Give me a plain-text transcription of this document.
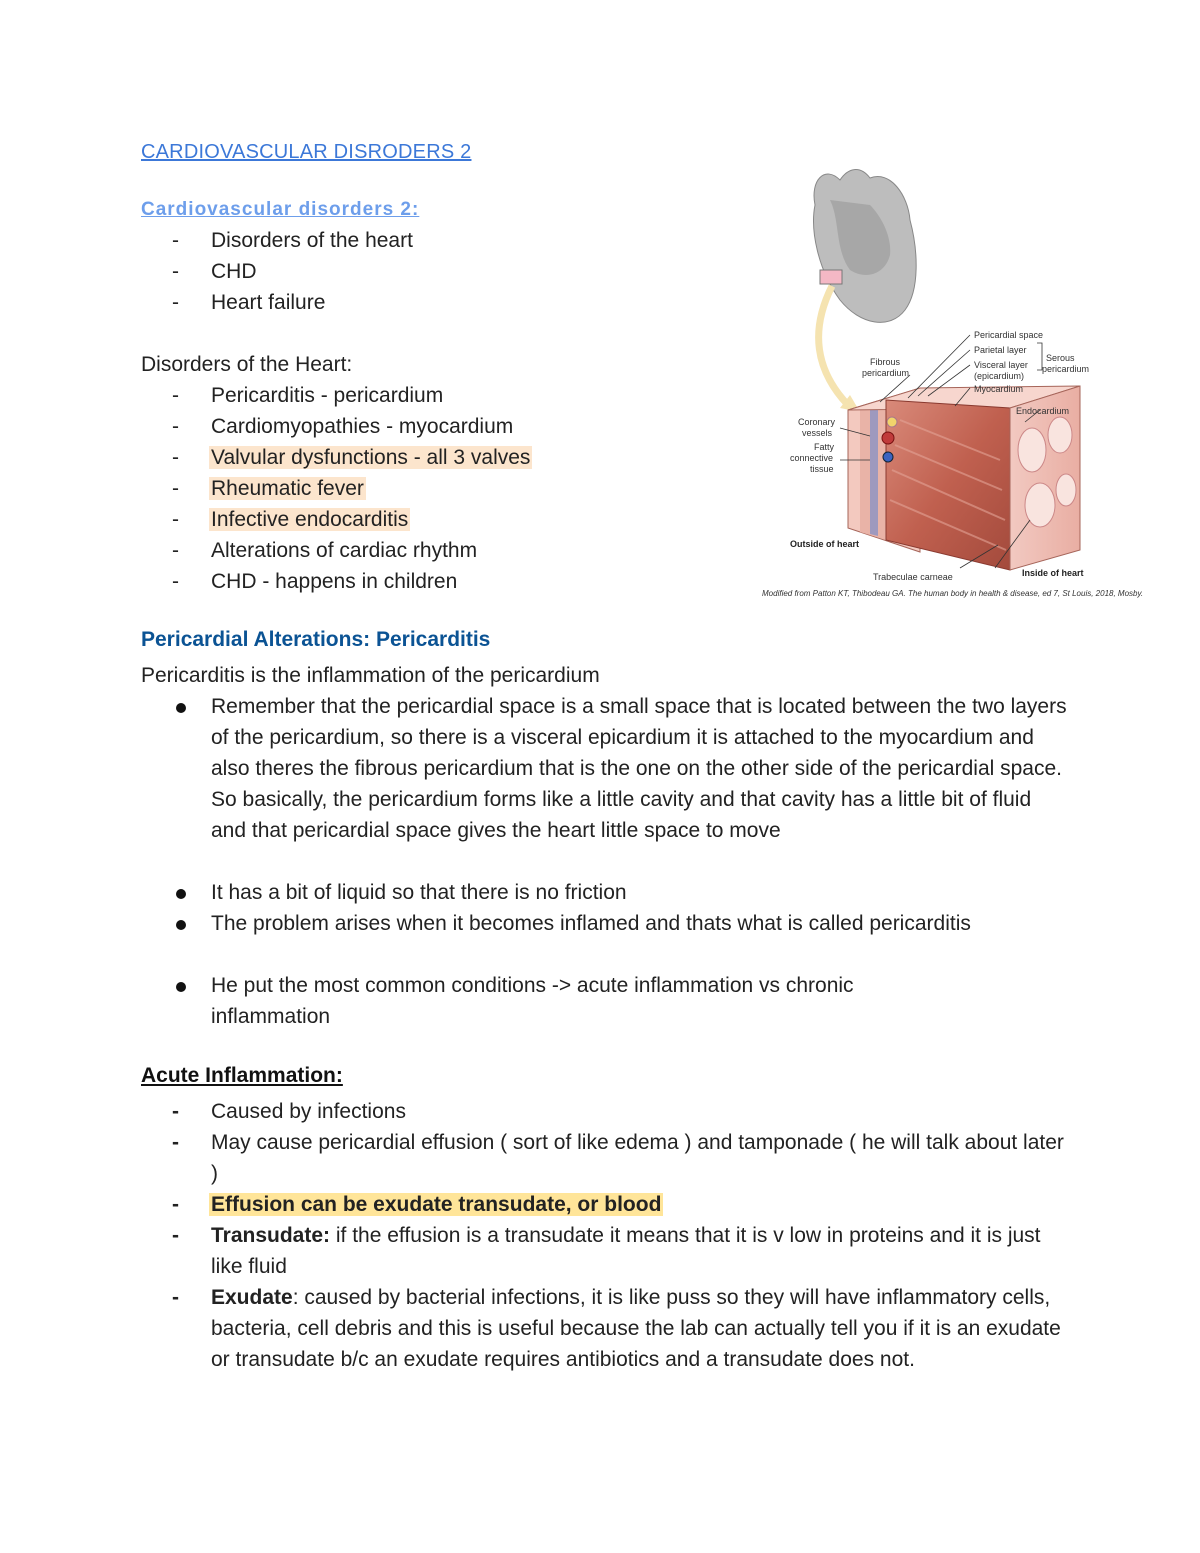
CARDIOVASCULAR DISRODERS 2
Cardiovascular disorders 2:
-	Disorders of the heart
-	CHD
-	Heart failure
Disorders of the Heart:
-	Pericarditis - pericardium
-	Cardiomyopathies - myocardium
-	Valvular dysfunctions - all 3 valves
-	Rheumatic fever
-	Infective endocarditis
-	Alterations of cardiac rhythm
-	CHD - happens in children
Pericardial space
Parietal layer
Visceral layer
(epicardium)
Myocardium
Serous
pericardium
Fibrous
pericardium
Endocardium
Coronary
vessels
Fatty
connective
tissue
Outside of heart
Trabeculae carneae	Inside of heart
Modified from Patton KT, Thibodeau GA. The human body in health & disease, ed 7, St Louis, 2018, Mosby.
Pericardial Alterations: Pericarditis
Pericarditis is the inflammation of the pericardium
Remember that the pericardial space is a small space that is located between the two layers of the pericardium, so there is a visceral epicardium it is attached to the myocardium and also theres the fibrous pericardium that is the one on the other side of the pericardial space. So basically, the pericardium forms like a little cavity and that cavity has a little bit of fluid and that pericardial space gives the heart little space to move
It has a bit of liquid so that there is no friction
The problem arises when it becomes inflamed and thats what is called pericarditis
He put the most common conditions -> acute inflammation vs chronic inflammation
Acute Inflammation:
-	Caused by infections
-	May cause pericardial effusion ( sort of like edema ) and tamponade ( he will talk about later )
-	Effusion can be exudate transudate, or blood
-	Transudate: if the effusion is a transudate it means that it is v low in proteins and it is just like fluid
-	Exudate: caused by bacterial infections, it is like puss so they will have inflammatory cells, bacteria, cell debris and this is useful because the lab can actually tell you if it is an exudate or transudate b/c an exudate requires antibiotics and a transudate does not.
